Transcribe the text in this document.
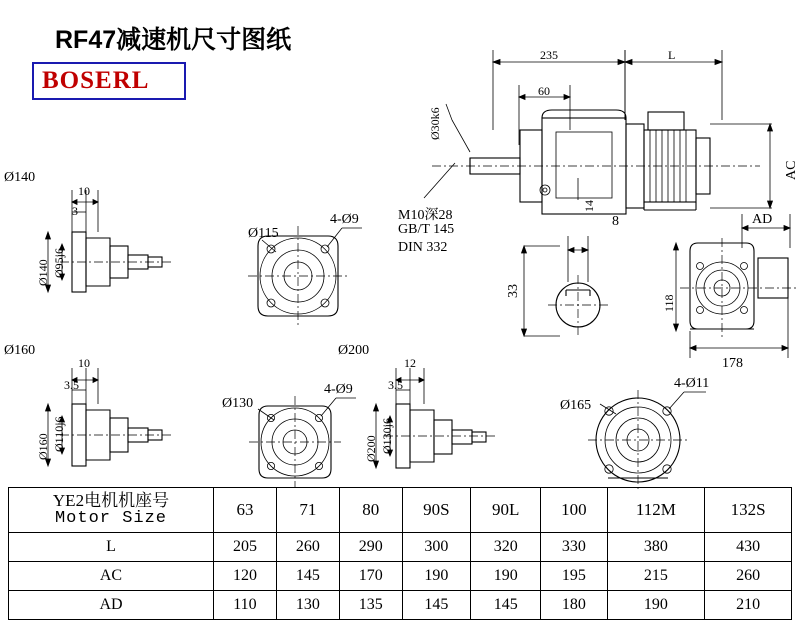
RF47减速机尺寸图纸
BOSERL
235	L
60
Ø30k6
14
AC
AD
M10深28
GB/T 145
DIN 332
8
33
118
178
Ø140
Ø140 Ø95j6
10
3
Ø115
4-Ø9
Ø160
Ø160 Ø110j6
10
3.5
Ø130
4-Ø9
Ø200
Ø200 Ø130j6
12
3.5	4-Ø11
Ø165
YE2电机机座号
Motor Size	63	71	80	90S	90L	100	112M	132S
L	205	260	290	300	320	330	380	430
AC	120	145	170	190	190	195	215	260
AD	110	130	135	145	145	180	190	210
